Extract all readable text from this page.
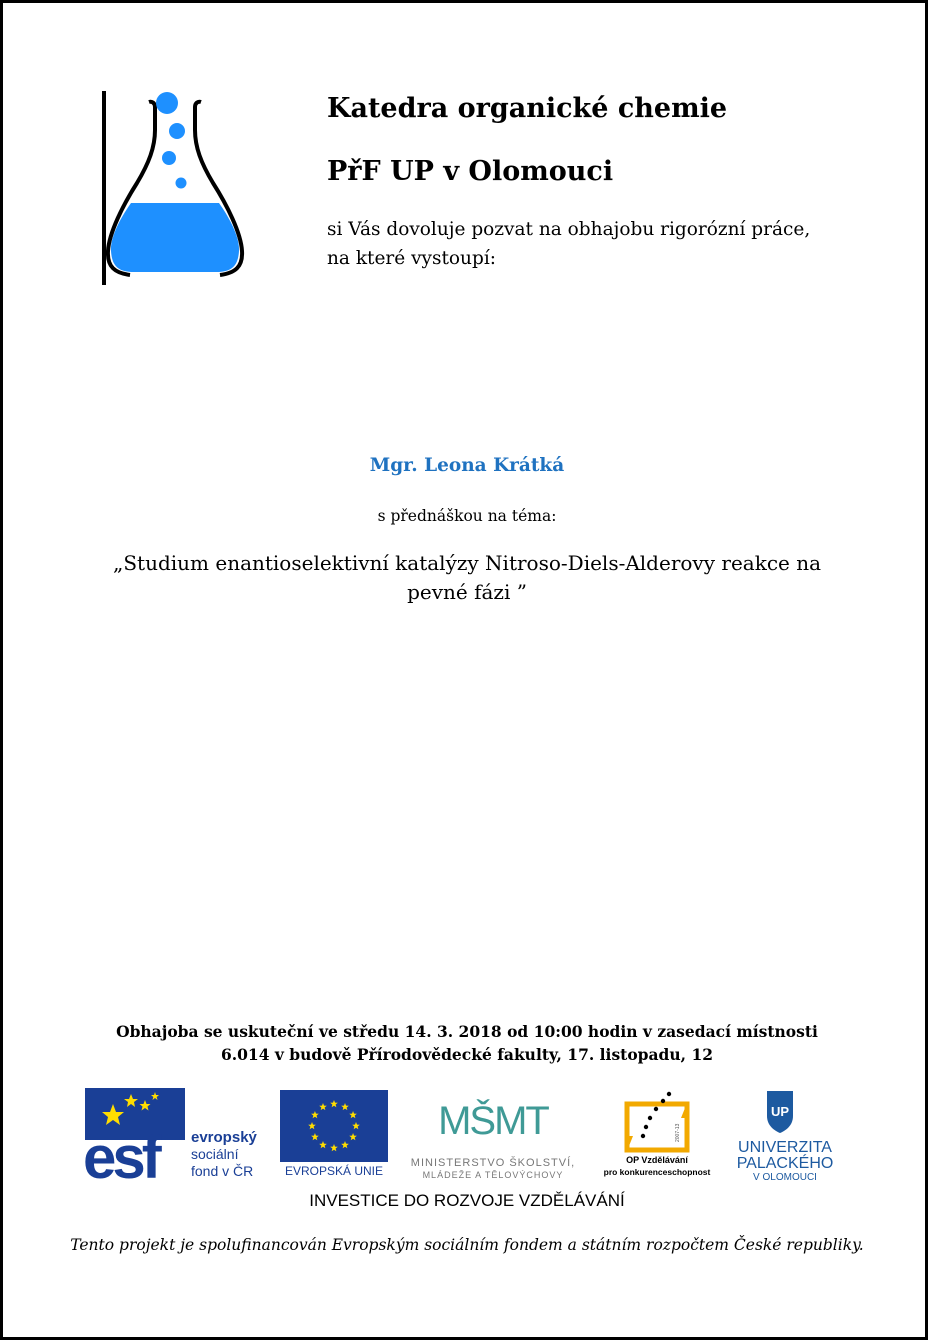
Katedra organické chemie
PřF UP v Olomouci
si Vás dovoluje pozvat na obhajobu rigorózní práce,
na které vystoupí:
Mgr. Leona Krátká
s přednáškou na téma:
„Studium enantioselektivní katalýzy Nitroso-Diels-Alderovy reakce na
pevné fázi ”
Obhajoba se uskuteční ve středu 14. 3. 2018 od 10:00 hodin v zasedací místnosti
6.014 v budově Přírodovědecké fakulty, 17. listopadu, 12
esf	evropský
sociální
fond v ČR	EVROPSKÁ UNIE
MŠMT
MINISTERSTVO ŠKOLSTVÍ,
MLÁDEŽE A TĚLOVÝCHOVY
2007-13
OP Vzdělávání
pro konkurenceschopnost
UP
UNIVERZITA
PALACKÉHO
V OLOMOUCI
INVESTICE DO ROZVOJE VZDĚLÁVÁNÍ
Tento projekt je spolufinancován Evropským sociálním fondem a státním rozpočtem České republiky.
